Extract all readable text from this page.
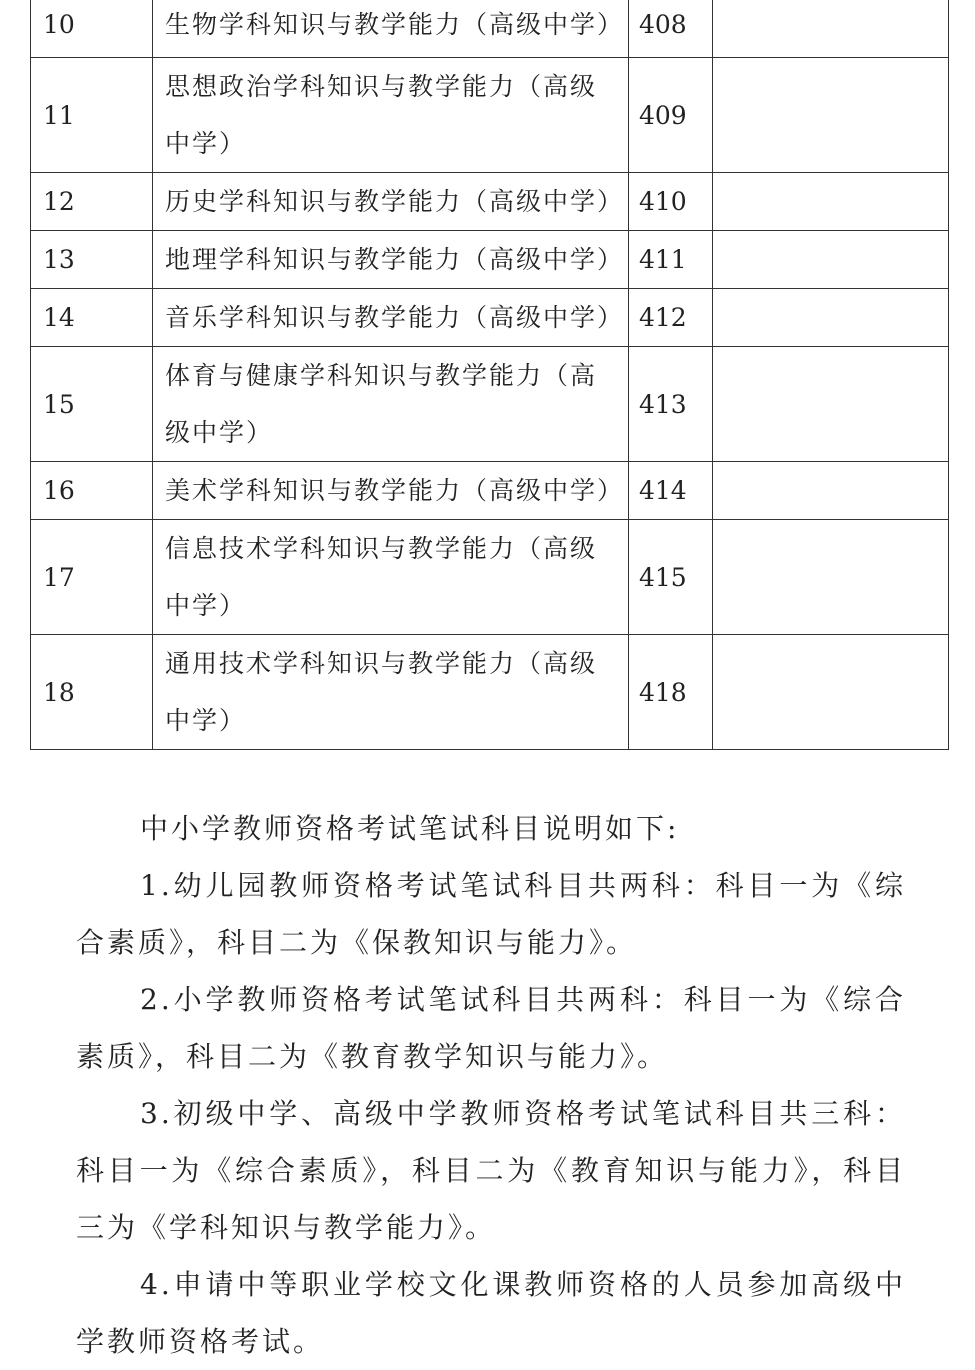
10	生物学科知识与教学能力（高级中学）	408	
11	思想政治学科知识与教学能力（高级中学）	409	
12	历史学科知识与教学能力（高级中学）	410	
13	地理学科知识与教学能力（高级中学）	411	
14	音乐学科知识与教学能力（高级中学）	412	
15	体育与健康学科知识与教学能力（高级中学）	413	
16	美术学科知识与教学能力（高级中学）	414	
17	信息技术学科知识与教学能力（高级中学）	415	
18	通用技术学科知识与教学能力（高级中学）	418	

中小学教师资格考试笔试科目说明如下:

1.幼儿园教师资格考试笔试科目共两科：科目一为《综合素质》，科目二为《保教知识与能力》。

2.小学教师资格考试笔试科目共两科：科目一为《综合素质》，科目二为《教育教学知识与能力》。

3.初级中学、高级中学教师资格考试笔试科目共三科：科目一为《综合素质》，科目二为《教育知识与能力》，科目三为《学科知识与教学能力》。

4.申请中等职业学校文化课教师资格的人员参加高级中学教师资格考试。
